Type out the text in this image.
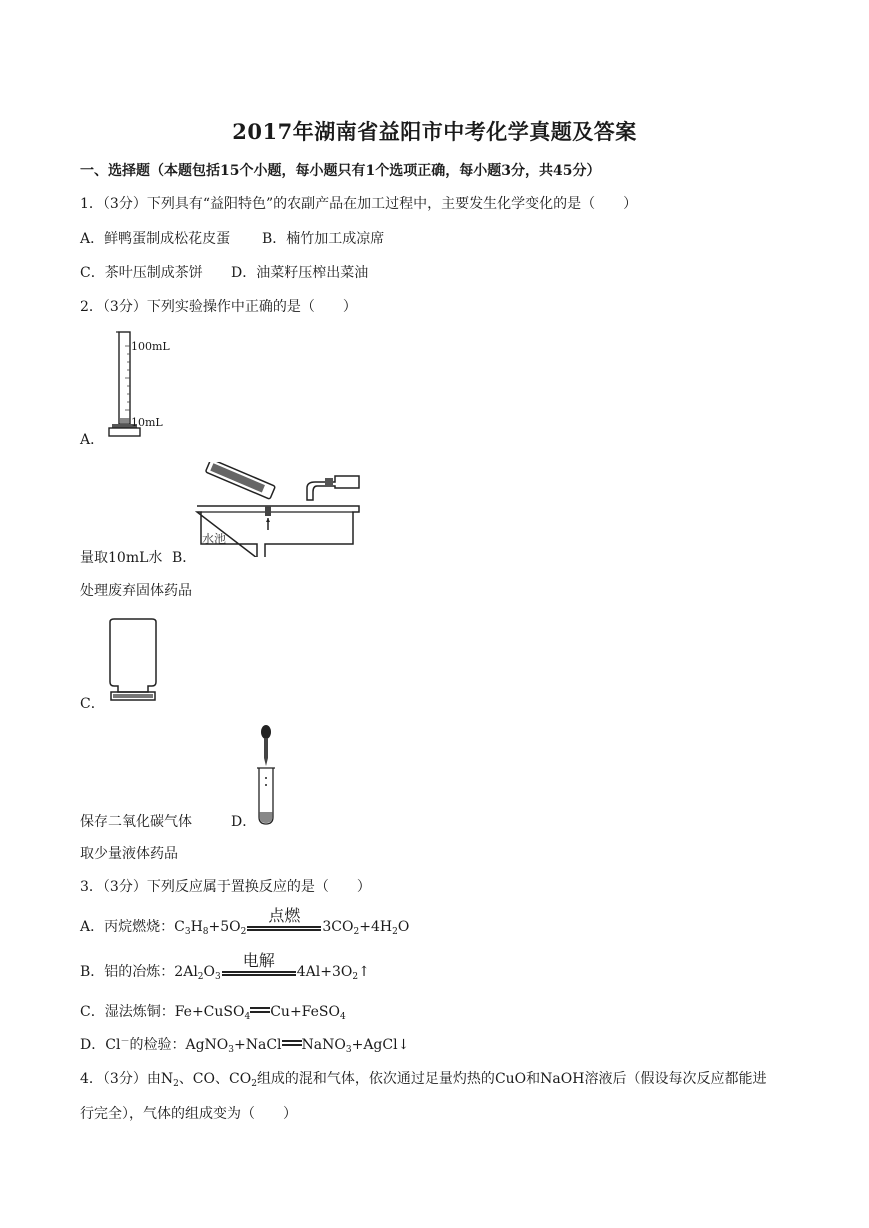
2017年湖南省益阳市中考化学真题及答案
一、选择题（本题包括15个小题，每小题只有1个选项正确，每小题3分，共45分）
1．（3分）下列具有“益阳特色”的农副产品在加工过程中，主要发生化学变化的是（　　）
A．鲜鸭蛋制成松花皮蛋 B．楠竹加工成凉席
C．茶叶压制成茶饼 D．油菜籽压榨出菜油
2．（3分）下列实验操作中正确的是（　　）
100mL
10mL
A．
水池
量取10mL水 B．
处理废弃固体药品
C．
保存二氧化碳气体	D．
取少量液体药品
3．（3分）下列反应属于置换反应的是（　　）
A．丙烷燃烧：$C_3H_8+5O_2$
点燃
$3CO_2+4H_2O$
B．铝的冶炼：$2Al_2O_3$
电解
$4Al+3O_2↑$
C．湿法炼铜：Fe+CuSO$_4$ Cu+FeSO$_4$
D．Cl－的检验：AgNO$_3$+NaCl NaNO$_3$+AgCl↓
4．（3分）由$N_2$、CO、$CO_2$组成的混和气体，依次通过足量灼热的CuO和NaOH溶液后（假设每次反应都能进
行完全），气体的组成变为（　　）
